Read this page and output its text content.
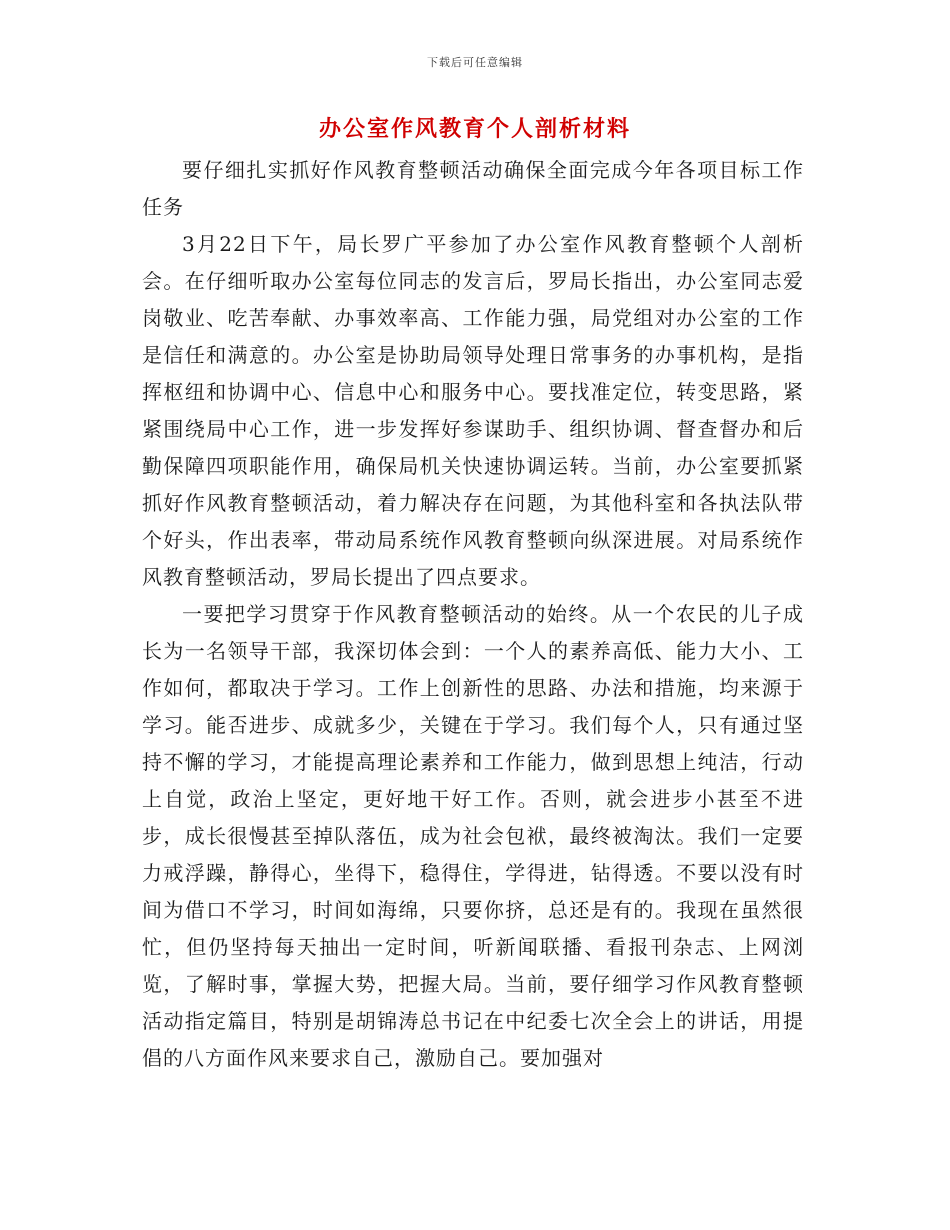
下载后可任意编辑
办公室作风教育个人剖析材料

要仔细扎实抓好作风教育整顿活动确保全面完成今年各项目标工作任务

3月22日下午，局长罗广平参加了办公室作风教育整顿个人剖析会。在仔细听取办公室每位同志的发言后，罗局长指出，办公室同志爱岗敬业、吃苦奉献、办事效率高、工作能力强，局党组对办公室的工作是信任和满意的。办公室是协助局领导处理日常事务的办事机构，是指挥枢纽和协调中心、信息中心和服务中心。要找准定位，转变思路，紧紧围绕局中心工作，进一步发挥好参谋助手、组织协调、督查督办和后勤保障四项职能作用，确保局机关快速协调运转。当前，办公室要抓紧抓好作风教育整顿活动，着力解决存在问题，为其他科室和各执法队带个好头，作出表率，带动局系统作风教育整顿向纵深进展。对局系统作风教育整顿活动，罗局长提出了四点要求。

一要把学习贯穿于作风教育整顿活动的始终。从一个农民的儿子成长为一名领导干部，我深切体会到：一个人的素养高低、能力大小、工作如何，都取决于学习。工作上创新性的思路、办法和措施，均来源于学习。能否进步、成就多少，关键在于学习。我们每个人，只有通过坚持不懈的学习，才能提高理论素养和工作能力，做到思想上纯洁，行动上自觉，政治上坚定，更好地干好工作。否则，就会进步小甚至不进步，成长很慢甚至掉队落伍，成为社会包袱，最终被淘汰。我们一定要力戒浮躁，静得心，坐得下，稳得住，学得进，钻得透。不要以没有时间为借口不学习，时间如海绵，只要你挤，总还是有的。我现在虽然很忙，但仍坚持每天抽出一定时间，听新闻联播、看报刊杂志、上网浏览，了解时事，掌握大势，把握大局。当前，要仔细学习作风教育整顿活动指定篇目，特别是胡锦涛总书记在中纪委七次全会上的讲话，用提倡的八方面作风来要求自己，激励自己。要加强对
